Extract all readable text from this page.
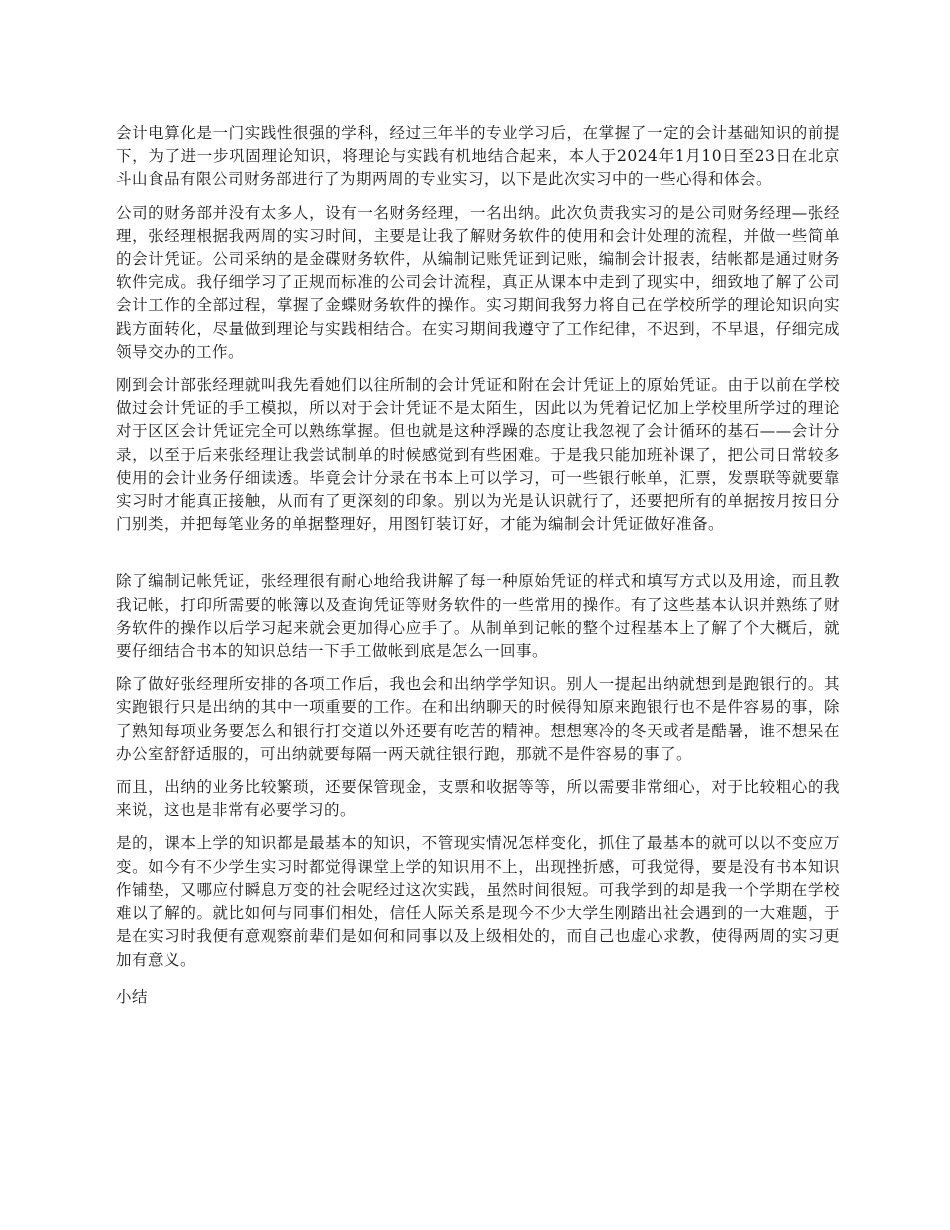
会计电算化是一门实践性很强的学科，经过三年半的专业学习后，在掌握了一定的会计基础知识的前提下，为了进一步巩固理论知识，将理论与实践有机地结合起来，本人于2024年1月10日至23日在北京斗山食品有限公司财务部进行了为期两周的专业实习，以下是此次实习中的一些心得和体会。

公司的财务部并没有太多人，设有一名财务经理，一名出纳。此次负责我实习的是公司财务经理—张经理，张经理根据我两周的实习时间，主要是让我了解财务软件的使用和会计处理的流程，并做一些简单的会计凭证。公司采纳的是金碟财务软件，从编制记账凭证到记账，编制会计报表，结帐都是通过财务软件完成。我仔细学习了正规而标准的公司会计流程，真正从课本中走到了现实中，细致地了解了公司会计工作的全部过程，掌握了金蝶财务软件的操作。实习期间我努力将自己在学校所学的理论知识向实践方面转化，尽量做到理论与实践相结合。在实习期间我遵守了工作纪律，不迟到，不早退，仔细完成领导交办的工作。

刚到会计部张经理就叫我先看她们以往所制的会计凭证和附在会计凭证上的原始凭证。由于以前在学校做过会计凭证的手工模拟，所以对于会计凭证不是太陌生，因此以为凭着记忆加上学校里所学过的理论对于区区会计凭证完全可以熟练掌握。但也就是这种浮躁的态度让我忽视了会计循环的基石——会计分录，以至于后来张经理让我尝试制单的时候感觉到有些困难。于是我只能加班补课了，把公司日常较多使用的会计业务仔细读透。毕竟会计分录在书本上可以学习，可一些银行帐单，汇票，发票联等就要靠实习时才能真正接触，从而有了更深刻的印象。别以为光是认识就行了，还要把所有的单据按月按日分门别类，并把每笔业务的单据整理好，用图钉装订好，才能为编制会计凭证做好准备。

除了编制记帐凭证，张经理很有耐心地给我讲解了每一种原始凭证的样式和填写方式以及用途，而且教我记帐，打印所需要的帐簿以及查询凭证等财务软件的一些常用的操作。有了这些基本认识并熟练了财务软件的操作以后学习起来就会更加得心应手了。从制单到记帐的整个过程基本上了解了个大概后，就要仔细结合书本的知识总结一下手工做帐到底是怎么一回事。

除了做好张经理所安排的各项工作后，我也会和出纳学学知识。别人一提起出纳就想到是跑银行的。其实跑银行只是出纳的其中一项重要的工作。在和出纳聊天的时候得知原来跑银行也不是件容易的事，除了熟知每项业务要怎么和银行打交道以外还要有吃苦的精神。想想寒冷的冬天或者是酷暑，谁不想呆在办公室舒舒适服的，可出纳就要每隔一两天就往银行跑，那就不是件容易的事了。

而且，出纳的业务比较繁琐，还要保管现金，支票和收据等等，所以需要非常细心，对于比较粗心的我来说，这也是非常有必要学习的。

是的，课本上学的知识都是最基本的知识，不管现实情况怎样变化，抓住了最基本的就可以以不变应万变。如今有不少学生实习时都觉得课堂上学的知识用不上，出现挫折感，可我觉得，要是没有书本知识作铺垫，又哪应付瞬息万变的社会呢经过这次实践，虽然时间很短。可我学到的却是我一个学期在学校难以了解的。就比如何与同事们相处，信任人际关系是现今不少大学生刚踏出社会遇到的一大难题，于是在实习时我便有意观察前辈们是如何和同事以及上级相处的，而自己也虚心求教，使得两周的实习更加有意义。

小结
